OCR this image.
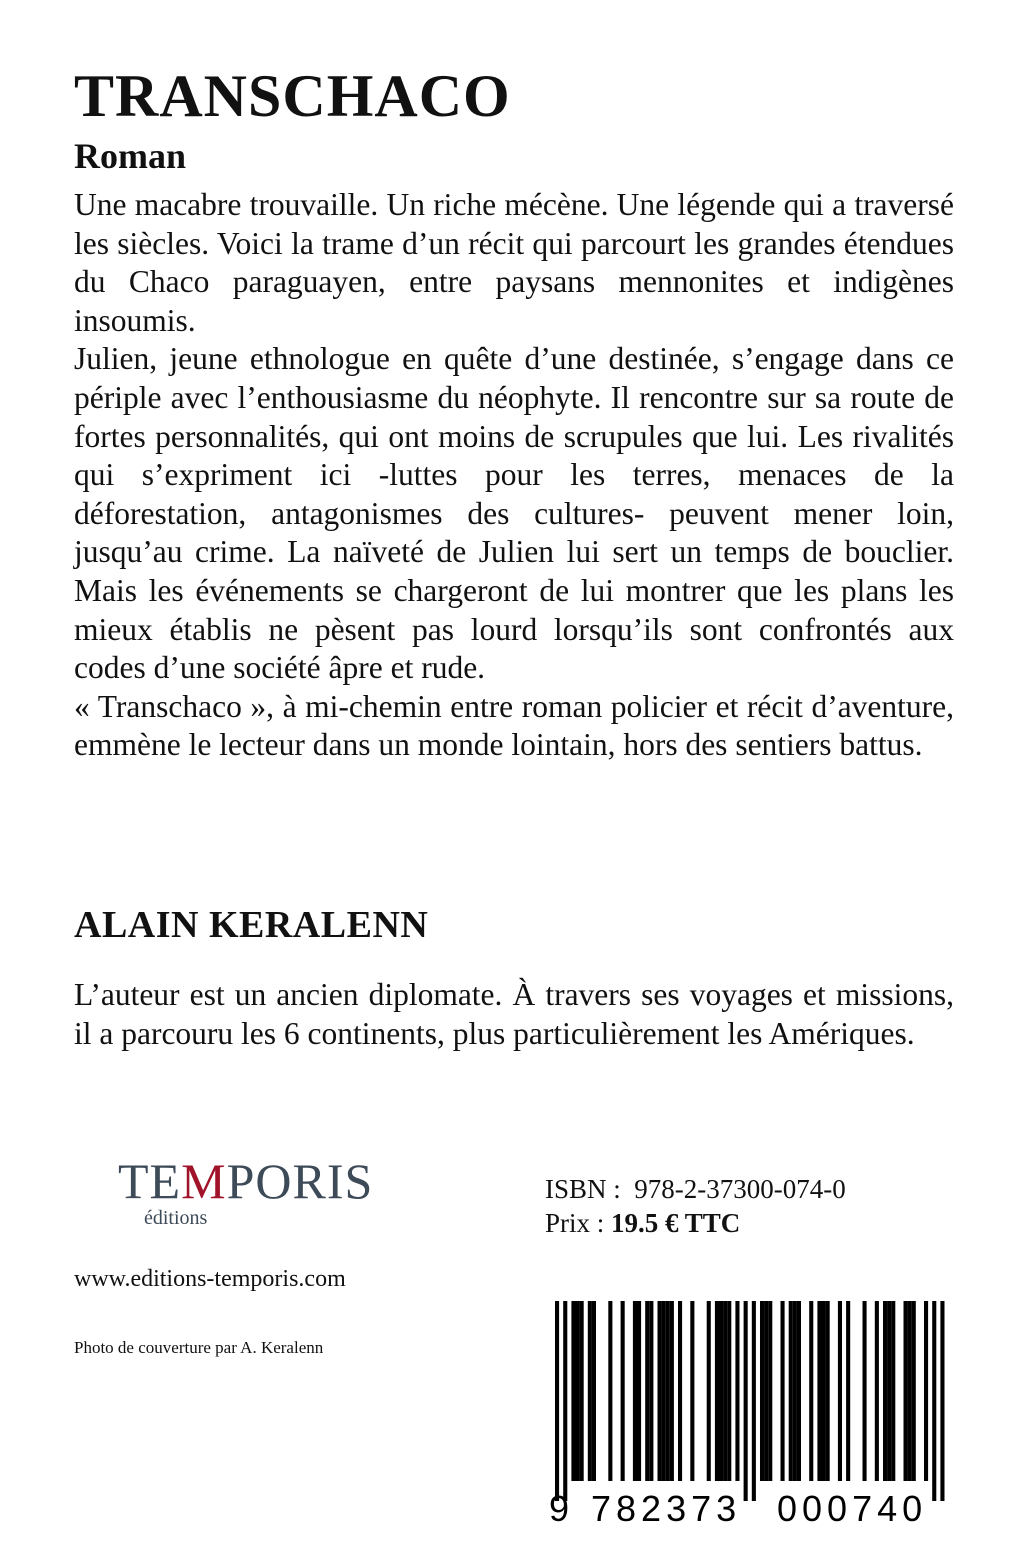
TRANSCHACO
Roman

Une macabre trouvaille. Un riche mécène. Une légende qui a traversé les siècles. Voici la trame d’un récit qui parcourt les grandes étendues du Chaco paraguayen, entre paysans mennonites et indigènes insoumis.

Julien, jeune ethnologue en quête d’une destinée, s’engage dans ce périple avec l’enthousiasme du néophyte. Il rencontre sur sa route de fortes personnalités, qui ont moins de scrupules que lui. Les rivalités qui s’expriment ici -luttes pour les terres, menaces de la déforestation, antagonismes des cultures- peuvent mener loin, jusqu’au crime. La naïveté de Julien lui sert un temps de bouclier. Mais les événements se chargeront de lui montrer que les plans les mieux établis ne pèsent pas lourd lorsqu’ils sont confrontés aux codes d’une société âpre et rude.

« Transchaco », à mi-chemin entre roman policier et récit d’aventure, emmène le lecteur dans un monde lointain, hors des sentiers battus.

ALAIN KERALENN

L’auteur est un ancien diplomate. À travers ses voyages et missions, il a parcouru les 6 continents, plus particulièrement les Amériques.

TEMPORIS
éditions
www.editions-temporis.com
Photo de couverture par A. Keralenn
ISBN : 978-2-37300-074-0
Prix : 19.5 € TTC
9 782373 000740
